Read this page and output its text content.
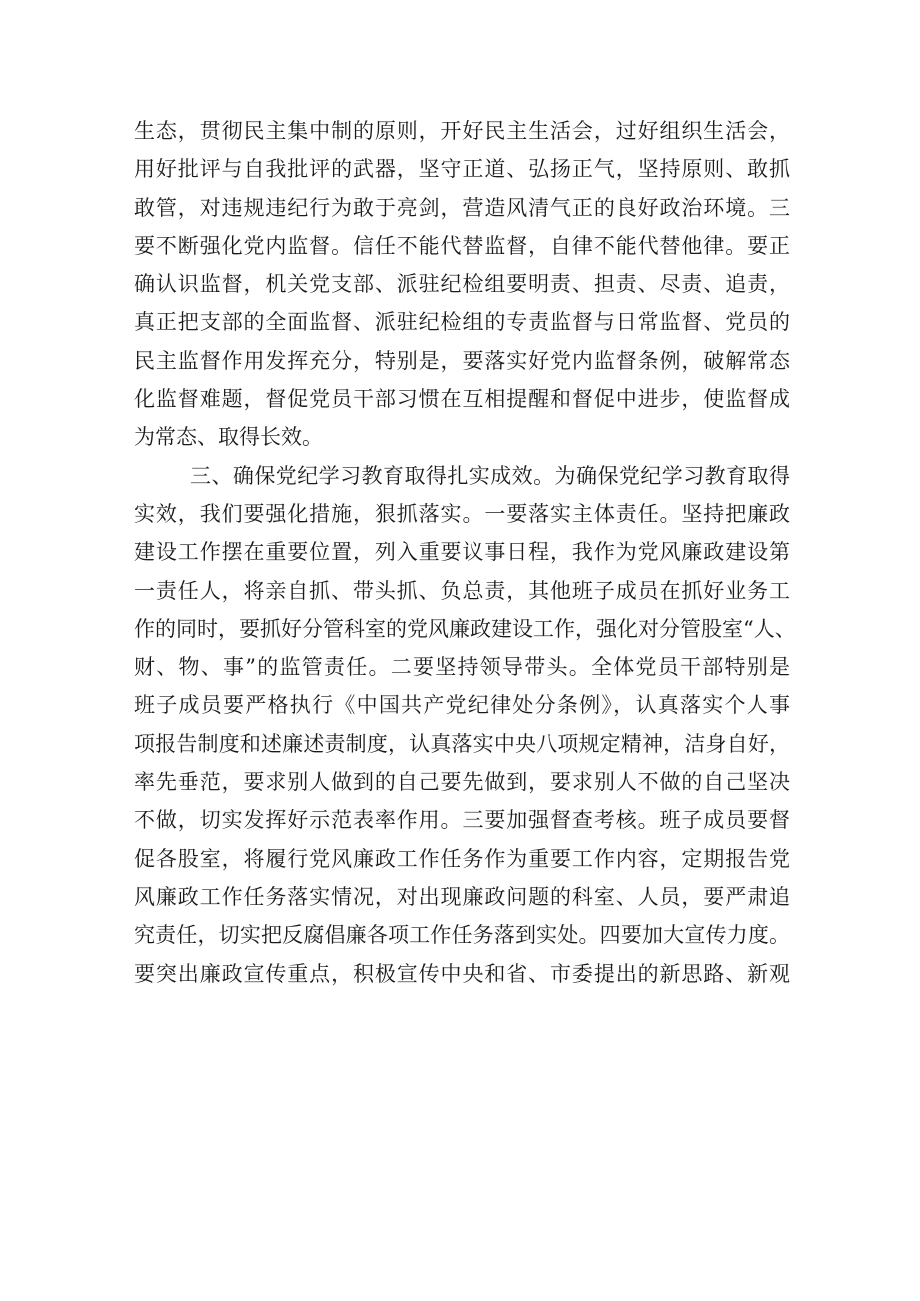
生态，贯彻民主集中制的原则，开好民主生活会，过好组织生活会，
用好批评与自我批评的武器，坚守正道、弘扬正气，坚持原则、敢抓
敢管，对违规违纪行为敢于亮剑，营造风清气正的良好政治环境。三
要不断强化党内监督。信任不能代替监督，自律不能代替他律。要正
确认识监督，机关党支部、派驻纪检组要明责、担责、尽责、追责，
真正把支部的全面监督、派驻纪检组的专责监督与日常监督、党员的
民主监督作用发挥充分，特别是，要落实好党内监督条例，破解常态
化监督难题，督促党员干部习惯在互相提醒和督促中进步，使监督成
为常态、取得长效。
三、确保党纪学习教育取得扎实成效。为确保党纪学习教育取得
实效，我们要强化措施，狠抓落实。一要落实主体责任。坚持把廉政
建设工作摆在重要位置，列入重要议事日程，我作为党风廉政建设第
一责任人，将亲自抓、带头抓、负总责，其他班子成员在抓好业务工
作的同时，要抓好分管科室的党风廉政建设工作，强化对分管股室“人、
财、物、事”的监管责任。二要坚持领导带头。全体党员干部特别是
班子成员要严格执行《中国共产党纪律处分条例》，认真落实个人事
项报告制度和述廉述责制度，认真落实中央八项规定精神，洁身自好，
率先垂范，要求别人做到的自己要先做到，要求别人不做的自己坚决
不做，切实发挥好示范表率作用。三要加强督查考核。班子成员要督
促各股室，将履行党风廉政工作任务作为重要工作内容，定期报告党
风廉政工作任务落实情况，对出现廉政问题的科室、人员，要严肃追
究责任，切实把反腐倡廉各项工作任务落到实处。四要加大宣传力度。
要突出廉政宣传重点，积极宣传中央和省、市委提出的新思路、新观
